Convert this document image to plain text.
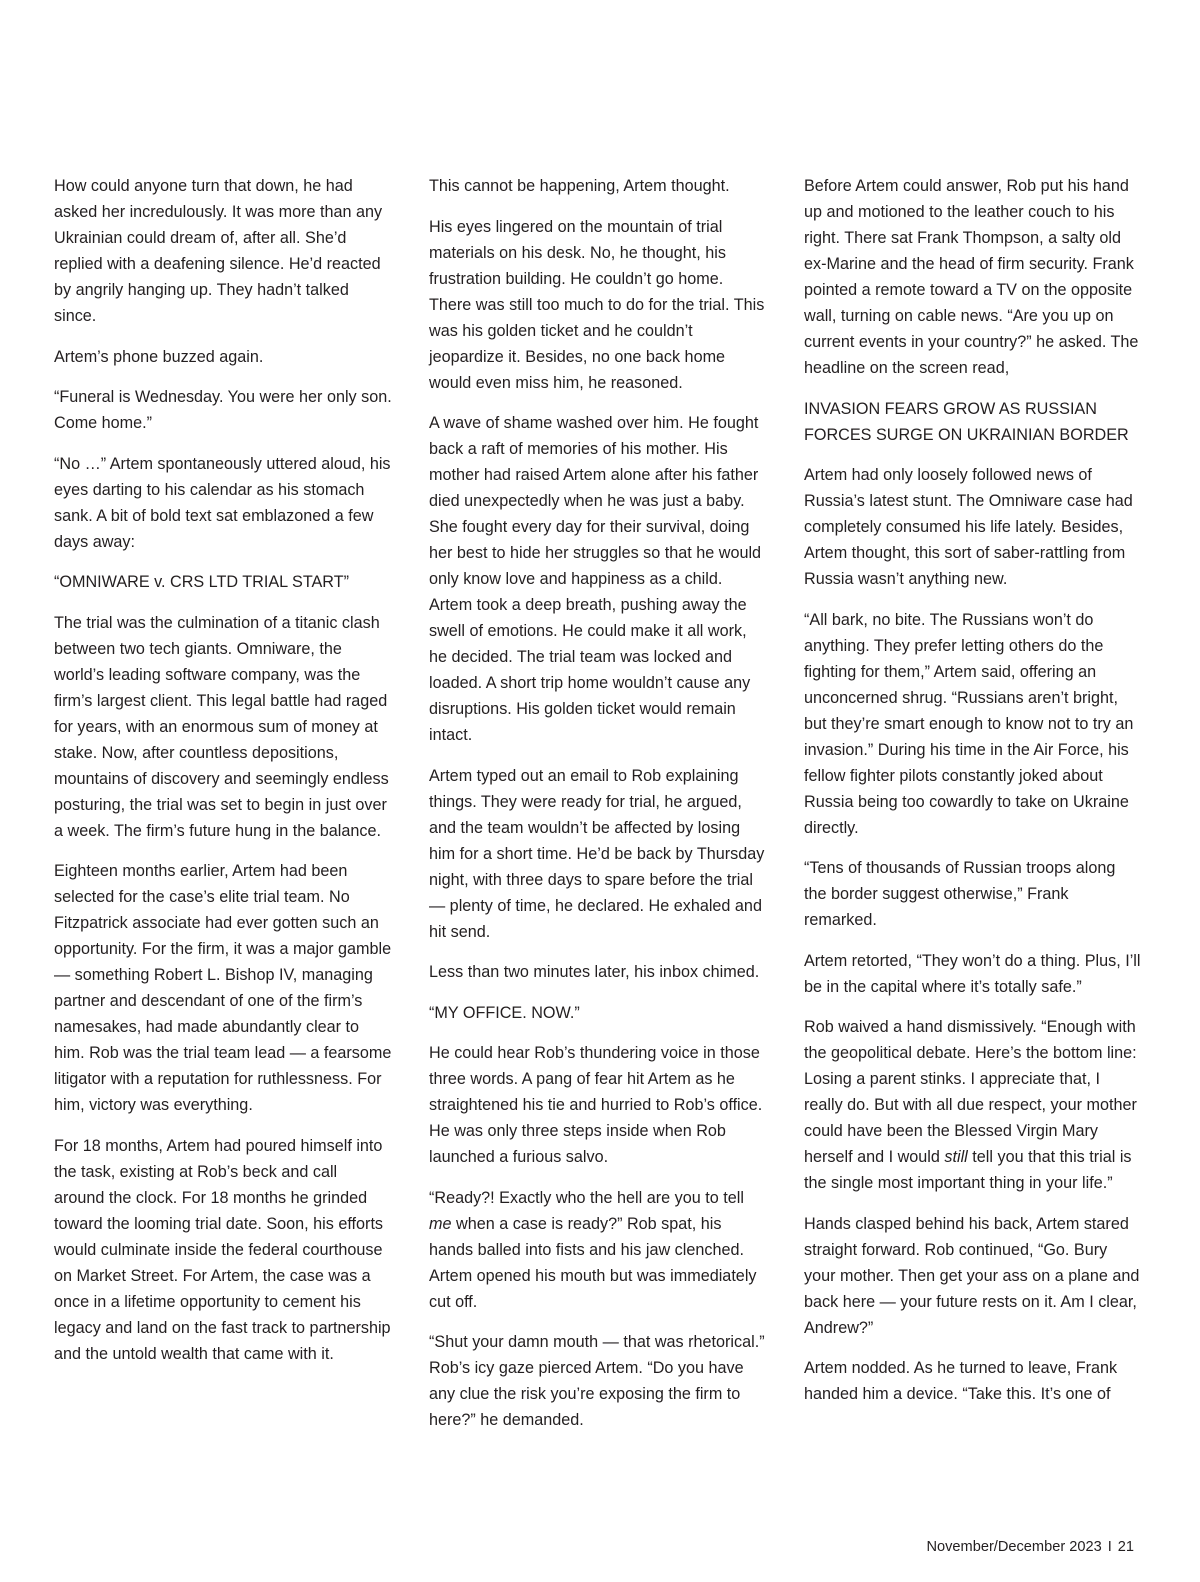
How could anyone turn that down, he had asked her incredulously. It was more than any Ukrainian could dream of, after all. She’d replied with a deafening silence. He’d reacted by angrily hanging up. They hadn’t talked since.

Artem’s phone buzzed again.

“Funeral is Wednesday. You were her only son. Come home.”

“No …” Artem spontaneously uttered aloud, his eyes darting to his calendar as his stomach sank. A bit of bold text sat emblazoned a few days away:

“OMNIWARE v. CRS LTD TRIAL START”

The trial was the culmination of a titanic clash between two tech giants. Omniware, the world’s leading software company, was the firm’s largest client. This legal battle had raged for years, with an enormous sum of money at stake. Now, after countless depositions, mountains of discovery and seemingly endless posturing, the trial was set to begin in just over a week. The firm’s future hung in the balance.

Eighteen months earlier, Artem had been selected for the case’s elite trial team. No Fitzpatrick associate had ever gotten such an opportunity. For the firm, it was a major gamble — something Robert L. Bishop IV, managing partner and descendant of one of the firm’s namesakes, had made abundantly clear to him. Rob was the trial team lead — a fearsome litigator with a reputation for ruthlessness. For him, victory was everything.

For 18 months, Artem had poured himself into the task, existing at Rob’s beck and call around the clock. For 18 months he grinded toward the looming trial date. Soon, his efforts would culminate inside the federal courthouse on Market Street. For Artem, the case was a once in a lifetime opportunity to cement his legacy and land on the fast track to partnership and the untold wealth that came with it.

This cannot be happening, Artem thought.

His eyes lingered on the mountain of trial materials on his desk. No, he thought, his frustration building. He couldn’t go home. There was still too much to do for the trial. This was his golden ticket and he couldn’t jeopardize it. Besides, no one back home would even miss him, he reasoned.

A wave of shame washed over him. He fought back a raft of memories of his mother. His mother had raised Artem alone after his father died unexpectedly when he was just a baby. She fought every day for their survival, doing her best to hide her struggles so that he would only know love and happiness as a child. Artem took a deep breath, pushing away the swell of emotions. He could make it all work, he decided. The trial team was locked and loaded. A short trip home wouldn’t cause any disruptions. His golden ticket would remain intact.

Artem typed out an email to Rob explaining things. They were ready for trial, he argued, and the team wouldn’t be affected by losing him for a short time. He’d be back by Thursday night, with three days to spare before the trial — plenty of time, he declared. He exhaled and hit send.

Less than two minutes later, his inbox chimed.

“MY OFFICE. NOW.”

He could hear Rob’s thundering voice in those three words. A pang of fear hit Artem as he straightened his tie and hurried to Rob’s office. He was only three steps inside when Rob launched a furious salvo.

“Ready?! Exactly who the hell are you to tell me when a case is ready?” Rob spat, his hands balled into fists and his jaw clenched. Artem opened his mouth but was immediately cut off.

“Shut your damn mouth — that was rhetorical.” Rob’s icy gaze pierced Artem. “Do you have any clue the risk you’re exposing the firm to here?” he demanded.

Before Artem could answer, Rob put his hand up and motioned to the leather couch to his right. There sat Frank Thompson, a salty old ex-Marine and the head of firm security. Frank pointed a remote toward a TV on the opposite wall, turning on cable news. “Are you up on current events in your country?” he asked. The headline on the screen read,

INVASION FEARS GROW AS RUSSIAN FORCES SURGE ON UKRAINIAN BORDER

Artem had only loosely followed news of Russia’s latest stunt. The Omniware case had completely consumed his life lately. Besides, Artem thought, this sort of saber-rattling from Russia wasn’t anything new.

“All bark, no bite. The Russians won’t do anything. They prefer letting others do the fighting for them,” Artem said, offering an unconcerned shrug. “Russians aren’t bright, but they’re smart enough to know not to try an invasion.” During his time in the Air Force, his fellow fighter pilots constantly joked about Russia being too cowardly to take on Ukraine directly.

“Tens of thousands of Russian troops along the border suggest otherwise,” Frank remarked.

Artem retorted, “They won’t do a thing. Plus, I’ll be in the capital where it’s totally safe.”

Rob waived a hand dismissively. “Enough with the geopolitical debate. Here’s the bottom line: Losing a parent stinks. I appreciate that, I really do. But with all due respect, your mother could have been the Blessed Virgin Mary herself and I would still tell you that this trial is the single most important thing in your life.”

Hands clasped behind his back, Artem stared straight forward. Rob continued, “Go. Bury your mother. Then get your ass on a plane and back here — your future rests on it. Am I clear, Andrew?”

Artem nodded. As he turned to leave, Frank handed him a device. “Take this. It’s one of

November/December 2023 I 21
